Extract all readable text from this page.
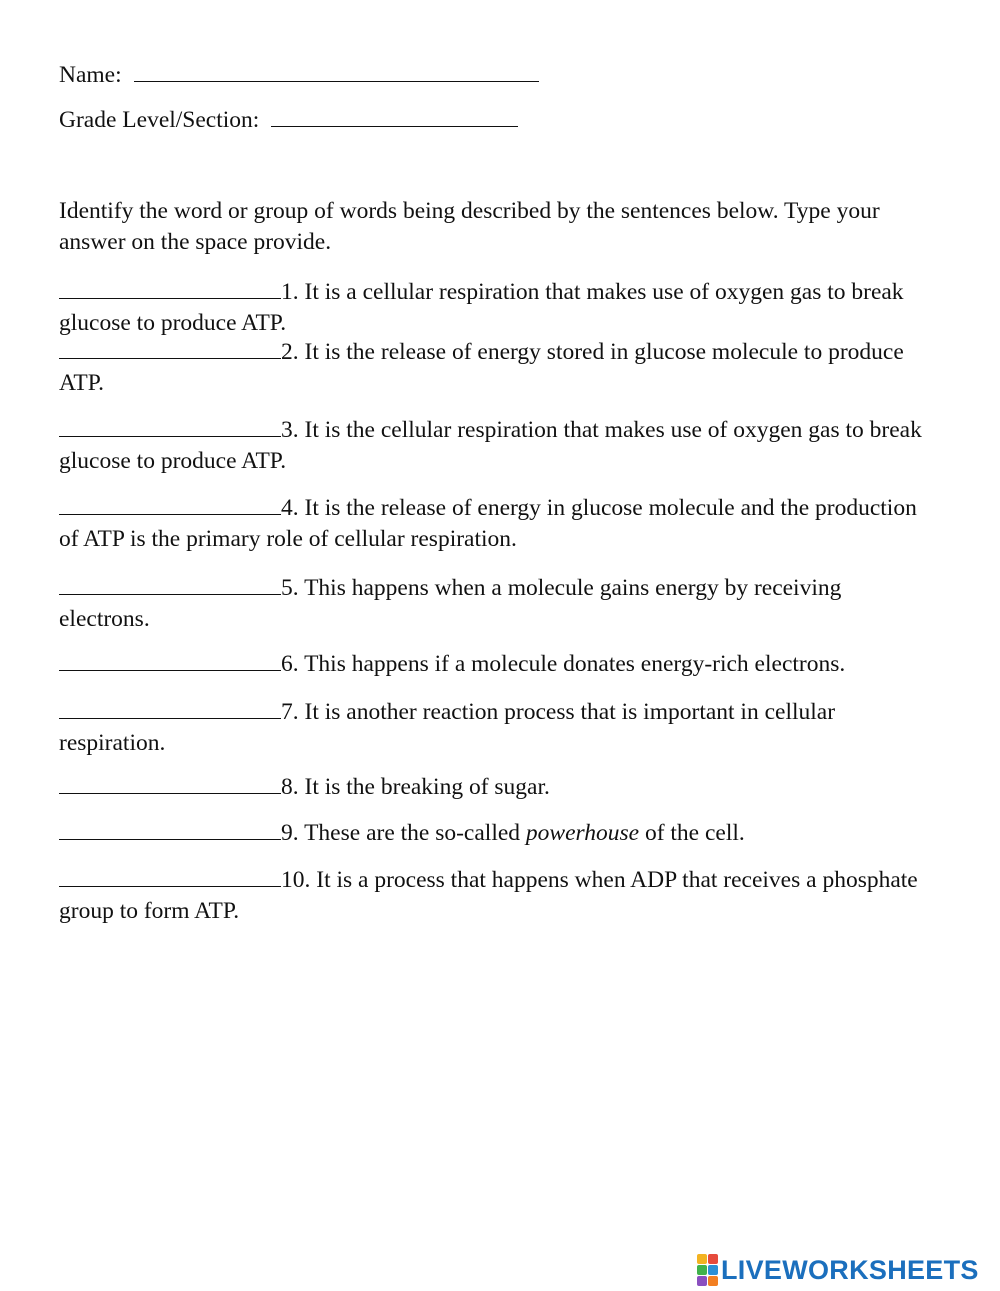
Name:
Grade Level/Section:
Identify the word or group of words being described by the sentences below. Type your answer on the space provide.
1. It is a cellular respiration that makes use of oxygen gas to break glucose to produce ATP.
2. It is the release of energy stored in glucose molecule to produce ATP.
3. It is the cellular respiration that makes use of oxygen gas to break glucose to produce ATP.
4. It is the release of energy in glucose molecule and the production of ATP is the primary role of cellular respiration.
5. This happens when a molecule gains energy by receiving electrons.
6. This happens if a molecule donates energy-rich electrons.
7. It is another reaction process that is important in cellular respiration.
8. It is the breaking of sugar.
9. These are the so-called powerhouse of the cell.
10. It is a process that happens when ADP that receives a phosphate group to form ATP.
LIVEWORKSHEETS
